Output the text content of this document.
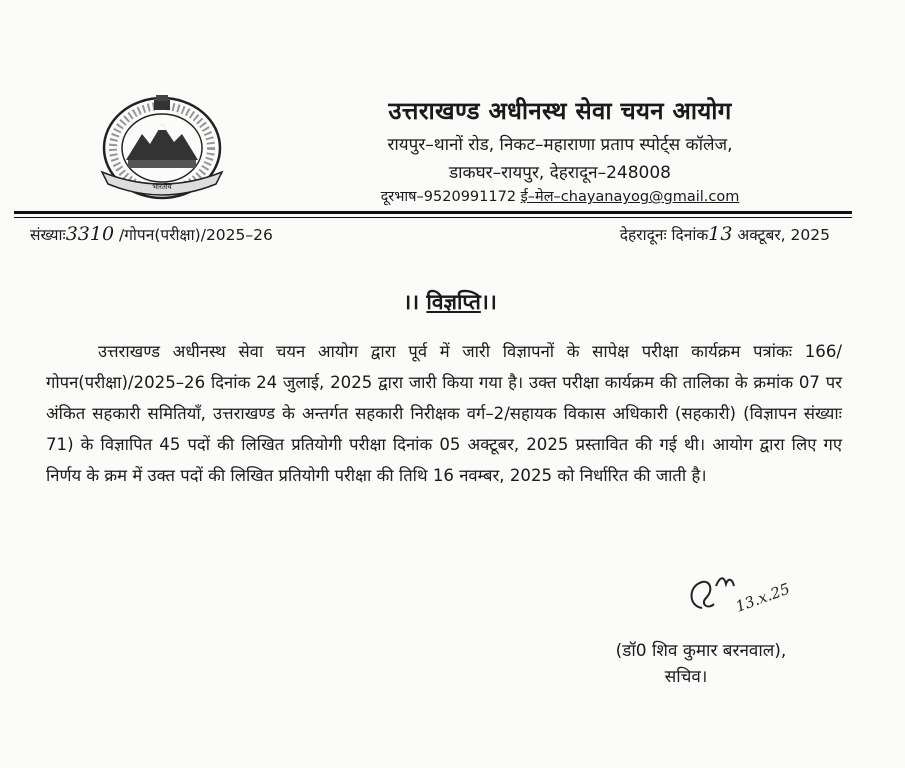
भारतीय
उत्तराखण्ड अधीनस्थ सेवा चयन आयोग
रायपुर–थानों रोड, निकट–महाराणा प्रताप स्पोर्ट्स कॉलेज,
डाकघर–रायपुर, देहरादून–248008
दूरभाष–9520991172 ई–मेल–chayanayog@gmail.com
संख्याः3310 /गोपन(परीक्षा)/2025–26	देहरादूनः दिनांक13 अक्टूबर, 2025
।। विज्ञप्ति।।
उत्तराखण्ड अधीनस्थ सेवा चयन आयोग द्वारा पूर्व में जारी विज्ञापनों के सापेक्ष परीक्षा कार्यक्रम पत्रांकः 166/गोपन(परीक्षा)/2025–26 दिनांक 24 जुलाई, 2025 द्वारा जारी किया गया है। उक्त परीक्षा कार्यक्रम की तालिका के क्रमांक 07 पर अंकित सहकारी समितियाँ, उत्तराखण्ड के अन्तर्गत सहकारी निरीक्षक वर्ग–2/सहायक विकास अधिकारी (सहकारी) (विज्ञापन संख्याः 71) के विज्ञापित 45 पदों की लिखित प्रतियोगी परीक्षा दिनांक 05 अक्टूबर, 2025 प्रस्तावित की गई थी। आयोग द्वारा लिए गए निर्णय के क्रम में उक्त पदों की लिखित प्रतियोगी परीक्षा की तिथि 16 नवम्बर, 2025 को निर्धारित की जाती है।
13.x.25
(डॉ0 शिव कुमार बरनवाल),
सचिव।
